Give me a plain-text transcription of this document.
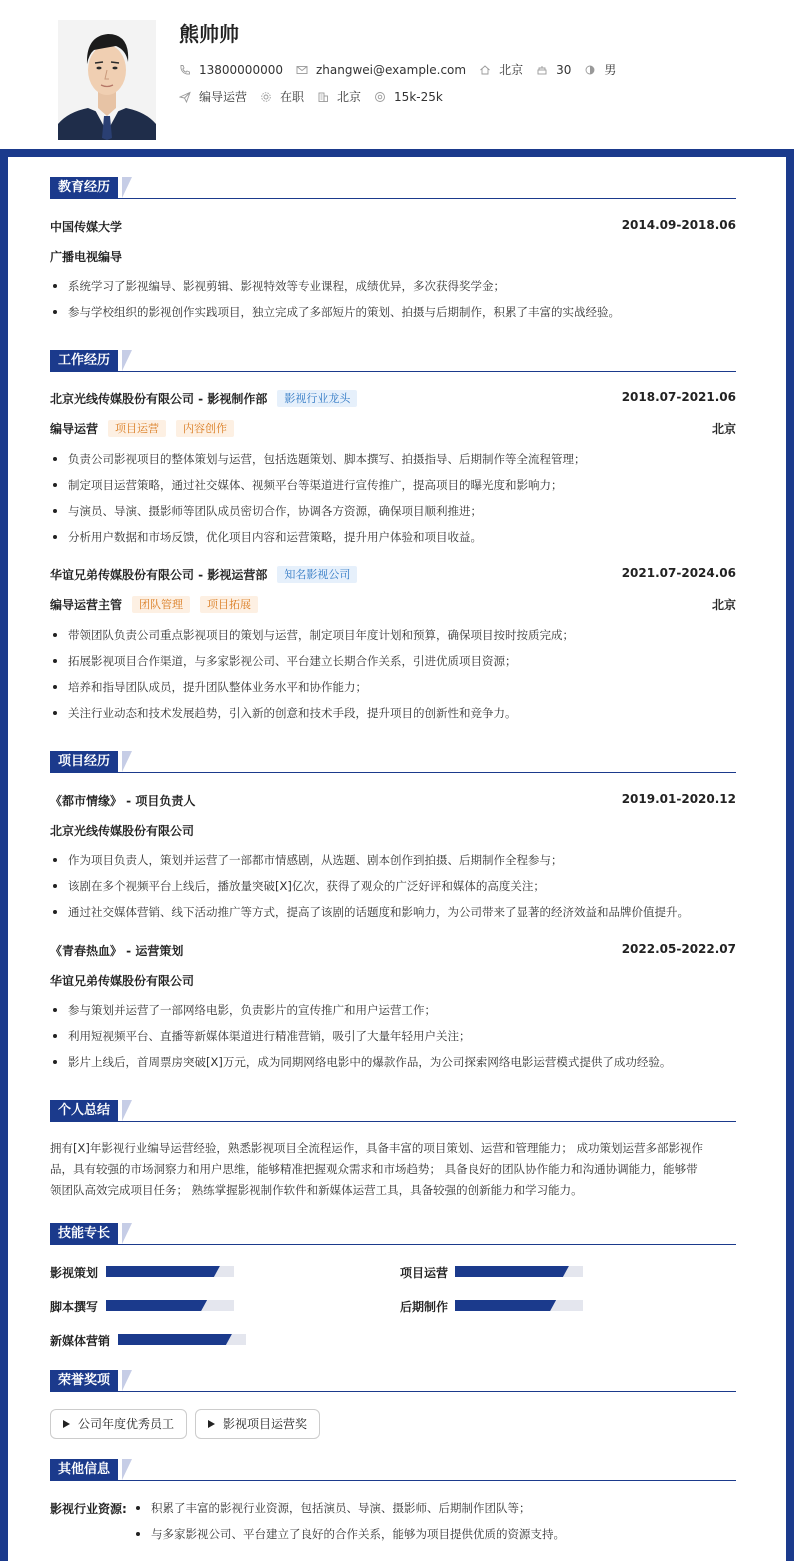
熊帅帅
13800000000	zhangwei@example.com	北京	30	男
编导运营	在职	北京	15k-25k
教育经历
中国传媒大学	2014.09-2018.06
广播电视编导
系统学习了影视编导、影视剪辑、影视特效等专业课程，成绩优异，多次获得奖学金；
参与学校组织的影视创作实践项目，独立完成了多部短片的策划、拍摄与后期制作，积累了丰富的实战经验。
工作经历
北京光线传媒股份有限公司 - 影视制作部 影视行业龙头	2018.07-2021.06
编导运营 项目运营 内容创作	北京
负责公司影视项目的整体策划与运营，包括选题策划、脚本撰写、拍摄指导、后期制作等全流程管理；
制定项目运营策略，通过社交媒体、视频平台等渠道进行宣传推广，提高项目的曝光度和影响力；
与演员、导演、摄影师等团队成员密切合作，协调各方资源，确保项目顺利推进；
分析用户数据和市场反馈，优化项目内容和运营策略，提升用户体验和项目收益。
华谊兄弟传媒股份有限公司 - 影视运营部 知名影视公司	2021.07-2024.06
编导运营主管 团队管理 项目拓展	北京
带领团队负责公司重点影视项目的策划与运营，制定项目年度计划和预算，确保项目按时按质完成；
拓展影视项目合作渠道，与多家影视公司、平台建立长期合作关系，引进优质项目资源；
培养和指导团队成员，提升团队整体业务水平和协作能力；
关注行业动态和技术发展趋势，引入新的创意和技术手段，提升项目的创新性和竞争力。
项目经历
《都市情缘》 - 项目负责人	2019.01-2020.12
北京光线传媒股份有限公司
作为项目负责人，策划并运营了一部都市情感剧，从选题、剧本创作到拍摄、后期制作全程参与；
该剧在多个视频平台上线后，播放量突破[X]亿次，获得了观众的广泛好评和媒体的高度关注；
通过社交媒体营销、线下活动推广等方式，提高了该剧的话题度和影响力，为公司带来了显著的经济效益和品牌价值提升。
《青春热血》 - 运营策划	2022.05-2022.07
华谊兄弟传媒股份有限公司
参与策划并运营了一部网络电影，负责影片的宣传推广和用户运营工作；
利用短视频平台、直播等新媒体渠道进行精准营销，吸引了大量年轻用户关注；
影片上线后，首周票房突破[X]万元，成为同期网络电影中的爆款作品，为公司探索网络电影运营模式提供了成功经验。
个人总结
拥有[X]年影视行业编导运营经验，熟悉影视项目全流程运作，具备丰富的项目策划、运营和管理能力； 成功策划运营多部影视作
品，具有较强的市场洞察力和用户思维，能够精准把握观众需求和市场趋势； 具备良好的团队协作能力和沟通协调能力，能够带
领团队高效完成项目任务； 熟练掌握影视制作软件和新媒体运营工具，具备较强的创新能力和学习能力。
技能专长
影视策划	项目运营
脚本撰写	后期制作
新媒体营销
荣誉奖项
公司年度优秀员工	影视项目运营奖
其他信息
影视行业资源:	积累了丰富的影视行业资源，包括演员、导演、摄影师、后期制作团队等；
与多家影视公司、平台建立了良好的合作关系，能够为项目提供优质的资源支持。
